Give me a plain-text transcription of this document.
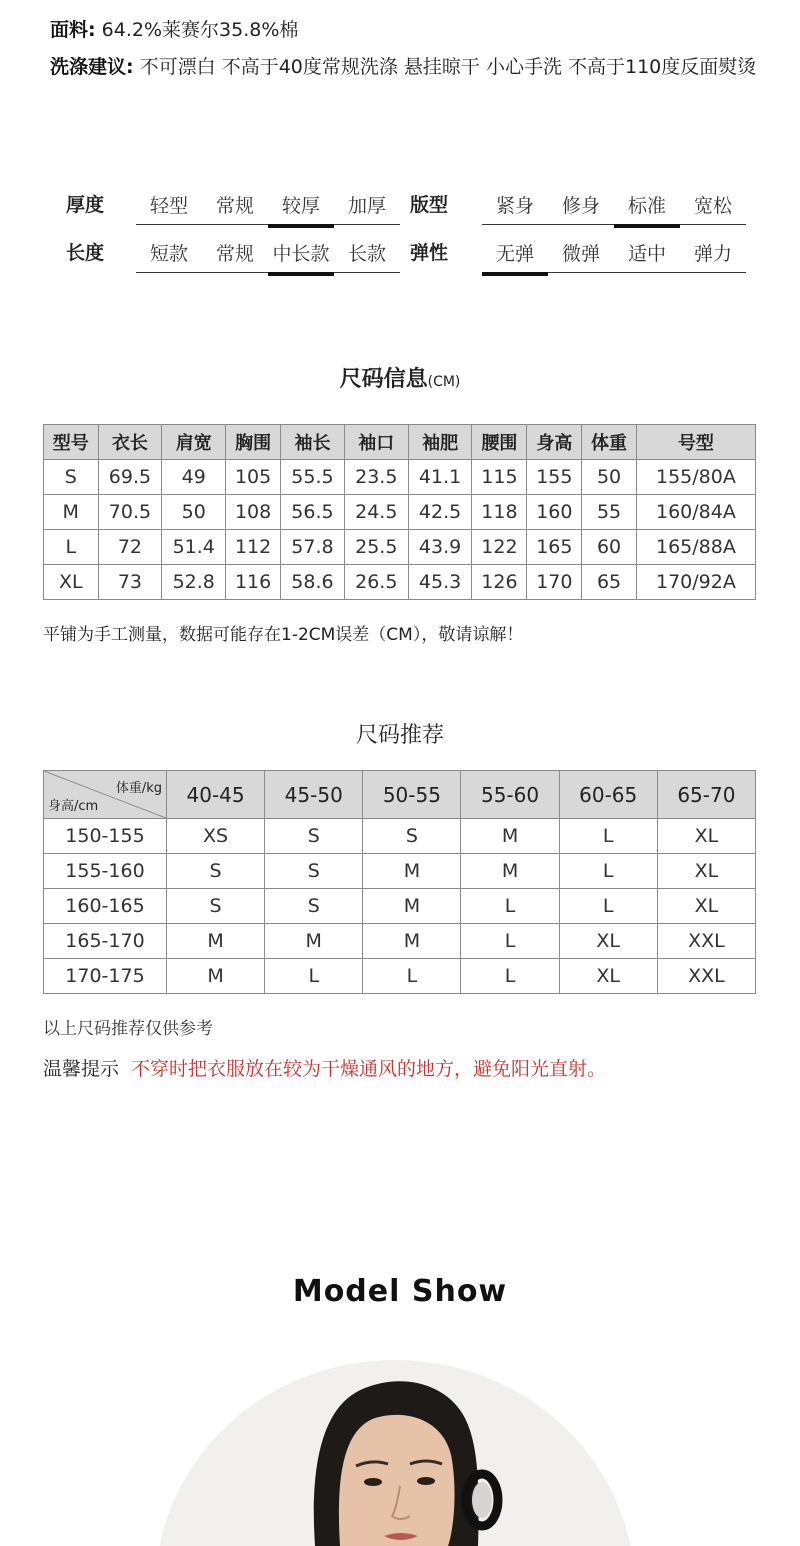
面料: 64.2%莱赛尔35.8%棉
洗涤建议: 不可漂白 不高于40度常规洗涤 悬挂晾干 小心手洗 不高于110度反面熨烫
厚度	轻型	常规	较厚	加厚	版型	紧身	修身	标准	宽松
长度	短款	常规 中长款 长款	弹性	无弹	微弹	适中	弹力
尺码信息(CM)
型号	衣长	肩宽	胸围	袖长	袖口	袖肥	腰围	身高	体重	号型
S	69.5	49	105	55.5	23.5	41.1	115	155	50	155/80A
M	70.5	50	108	56.5	24.5	42.5	118	160	55	160/84A
L	72	51.4	112	57.8	25.5	43.9	122	165	60	165/88A
XL	73	52.8	116	58.6	26.5	45.3	126	170	65	170/92A
平铺为手工测量，数据可能存在1-2CM误差（CM），敬请谅解！
尺码推荐
体重/kg
身高/cm	40-45	45-50	50-55	55-60	60-65	65-70
150-155	XS	S	S	M	L	XL
155-160	S	S	M	M	L	XL
160-165	S	S	M	L	L	XL
165-170	M	M	M	L	XL	XXL
170-175	M	L	L	L	XL	XXL
以上尺码推荐仅供参考
温馨提示 不穿时把衣服放在较为干燥通风的地方，避免阳光直射。
Model Show
